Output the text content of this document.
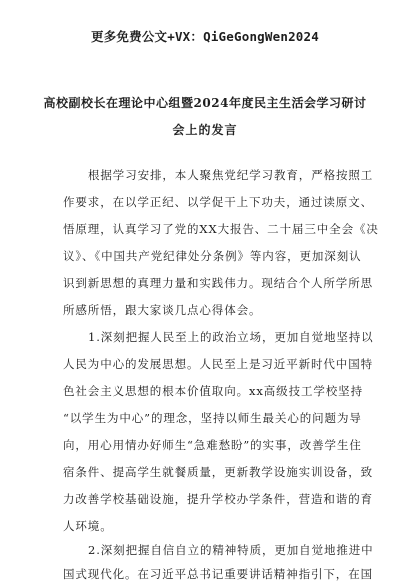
更多免费公文+VX：QiGeGongWen2024
高校副校长在理论中心组暨2024年度民主生活会学习研讨
会上的发言
根据学习安排，本人聚焦党纪学习教育，严格按照工
作要求，在以学正纪、以学促干上下功夫，通过读原文、
悟原理，认真学习了党的XX大报告、二十届三中全会《决
议》、《中国共产党纪律处分条例》等内容，更加深刻认
识到新思想的真理力量和实践伟力。现结合个人所学所思
所感所悟，跟大家谈几点心得体会。
1.深刻把握人民至上的政治立场，更加自觉地坚持以
人民为中心的发展思想。人民至上是习近平新时代中国特
色社会主义思想的根本价值取向。xx高级技工学校坚持
“以学生为中心”的理念，坚持以师生最关心的问题为导
向，用心用情办好师生“急难愁盼”的实事，改善学生住
宿条件、提高学生就餐质量，更新教学设施实训设备，致
力改善学校基础设施，提升学校办学条件，营造和谐的育
人环境。
2.深刻把握自信自立的精神特质，更加自觉地推进中
国式现代化。在习近平总书记重要讲话精神指引下，在国
